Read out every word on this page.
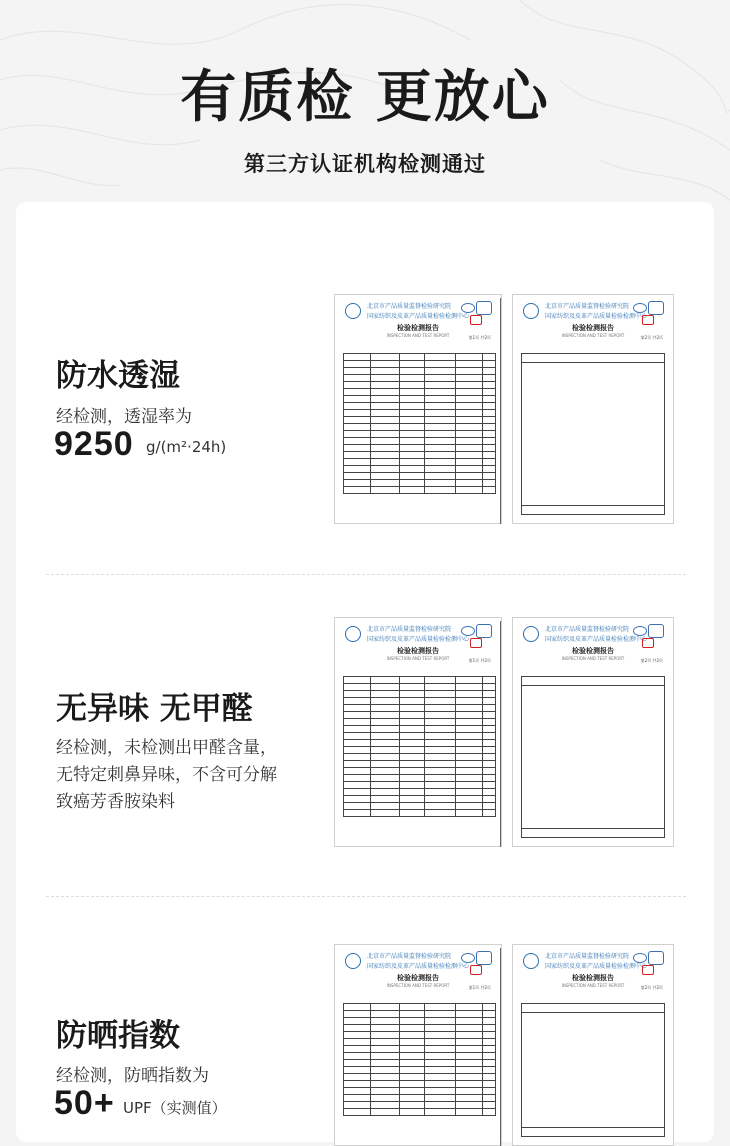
有质检 更放心
第三方认证机构检测通过
防水透湿
经检测，透湿率为
9250 g/(m²·24h)
无异味 无甲醛
经检测，未检测出甲醛含量，
无特定刺鼻异味，不含可分解
致癌芳香胺染料
防晒指数
经检测，防晒指数为
50+ UPF（实测值）
北京市产品质量监督检验研究院
国家纺织及皮革产品质量检验检测中心
检验检测报告
INSPECTION AND TEST REPORT	第1页 共2页

北京市产品质量监督检验研究院
国家纺织及皮革产品质量检验检测中心
检验检测报告
INSPECTION AND TEST REPORT	第2页 共2页
北京市产品质量监督检验研究院
国家纺织及皮革产品质量检验检测中心
检验检测报告
INSPECTION AND TEST REPORT	第1页 共2页

北京市产品质量监督检验研究院
国家纺织及皮革产品质量检验检测中心
检验检测报告
INSPECTION AND TEST REPORT	第2页 共2页
北京市产品质量监督检验研究院
国家纺织及皮革产品质量检验检测中心
检验检测报告
INSPECTION AND TEST REPORT	第1页 共2页

北京市产品质量监督检验研究院
国家纺织及皮革产品质量检验检测中心
检验检测报告
INSPECTION AND TEST REPORT	第2页 共2页
